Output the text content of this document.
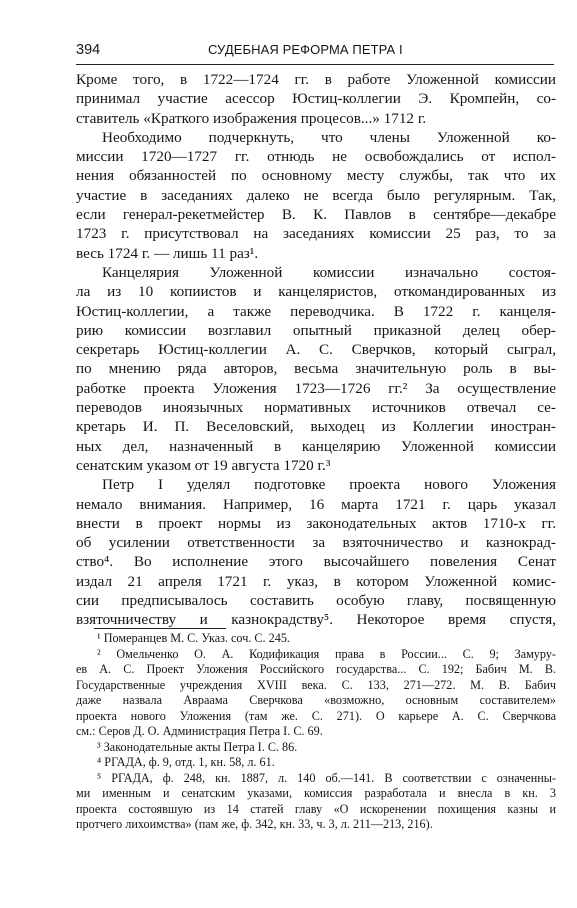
394	СУДЕБНАЯ РЕФОРМА ПЕТРА I
Кроме того, в 1722—1724 гг. в работе Уложенной комиссии
принимал участие асессор Юстиц-коллегии Э. Кромпейн, со-
ставитель «Краткого изображения процесов...» 1712 г.
Необходимо подчеркнуть, что члены Уложенной ко-
миссии 1720—1727 гг. отнюдь не освобождались от испол-
нения обязанностей по основному месту службы, так что их
участие в заседаниях далеко не всегда было регулярным. Так,
если генерал-рекетмейстер В. К. Павлов в сентябре—декабре
1723 г. присутствовал на заседаниях комиссии 25 раз, то за
весь 1724 г. — лишь 11 раз¹.
Канцелярия Уложенной комиссии изначально состоя-
ла из 10 копиистов и канцеляристов, откомандированных из
Юстиц-коллегии, а также переводчика. В 1722 г. канцеля-
рию комиссии возглавил опытный приказной делец обер-
секретарь Юстиц-коллегии А. С. Сверчков, который сыграл,
по мнению ряда авторов, весьма значительную роль в вы-
работке проекта Уложения 1723—1726 гг.² За осуществление
переводов иноязычных нормативных источников отвечал се-
кретарь И. П. Веселовский, выходец из Коллегии иностран-
ных дел, назначенный в канцелярию Уложенной комиссии
сенатским указом от 19 августа 1720 г.³
Петр I уделял подготовке проекта нового Уложения
немало внимания. Например, 16 марта 1721 г. царь указал
внести в проект нормы из законодательных актов 1710-х гг.
об усилении ответственности за взяточничество и казнокрад-
ство⁴. Во исполнение этого высочайшего повеления Сенат
издал 21 апреля 1721 г. указ, в котором Уложенной комис-
сии предписывалось составить особую главу, посвященную
взяточничеству и казнокрадству⁵. Некоторое время спустя,
¹ Померанцев М. С. Указ. соч. С. 245.
² Омельченко О. А. Кодификация права в России... С. 9; Замуру-
ев А. С. Проект Уложения Российского государства... С. 192; Бабич М. В.
Государственные учреждения XVIII века. С. 133, 271—272. М. В. Бабич
даже назвала Авраама Сверчкова «возможно, основным составителем»
проекта нового Уложения (там же. С. 271). О карьере А. С. Сверчкова
см.: Серов Д. О. Администрация Петра I. С. 69.
³ Законодательные акты Петра I. С. 86.
⁴ РГАДА, ф. 9, отд. 1, кн. 58, л. 61.
⁵ РГАДА, ф. 248, кн. 1887, л. 140 об.—141. В соответствии с означенны-
ми именным и сенатским указами, комиссия разработала и внесла в кн. 3
проекта состоявшую из 14 статей главу «О искоренении похищения казны и
протчего лихоимства» (пам же, ф. 342, кн. 33, ч. 3, л. 211—213, 216).
